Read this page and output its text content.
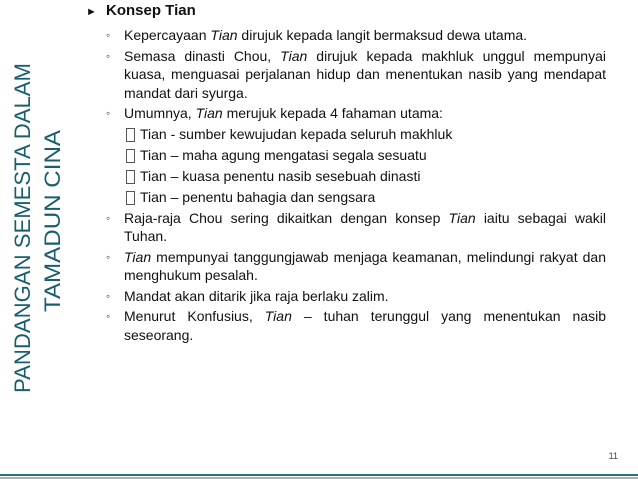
PANDANGAN SEMESTA DALAM TAMADUN CINA
► Konsep Tian
◦ Kepercayaan Tian dirujuk kepada langit bermaksud dewa utama.
◦ Semasa dinasti Chou, Tian dirujuk kepada makhluk unggul mempunyai kuasa, menguasai perjalanan hidup dan menentukan nasib yang mendapat mandat dari syurga.
◦ Umumnya, Tian merujuk kepada 4 fahaman utama:
Tian - sumber kewujudan kepada seluruh makhluk
Tian – maha agung mengatasi segala sesuatu
Tian – kuasa penentu nasib sesebuah dinasti
Tian – penentu bahagia dan sengsara
◦ Raja-raja Chou sering dikaitkan dengan konsep Tian iaitu sebagai wakil Tuhan.
◦ Tian mempunyai tanggungjawab menjaga keamanan, melindungi rakyat dan menghukum pesalah.
◦ Mandat akan ditarik jika raja berlaku zalim.
◦ Menurut Konfusius, Tian – tuhan terunggul yang menentukan nasib seseorang.
11
